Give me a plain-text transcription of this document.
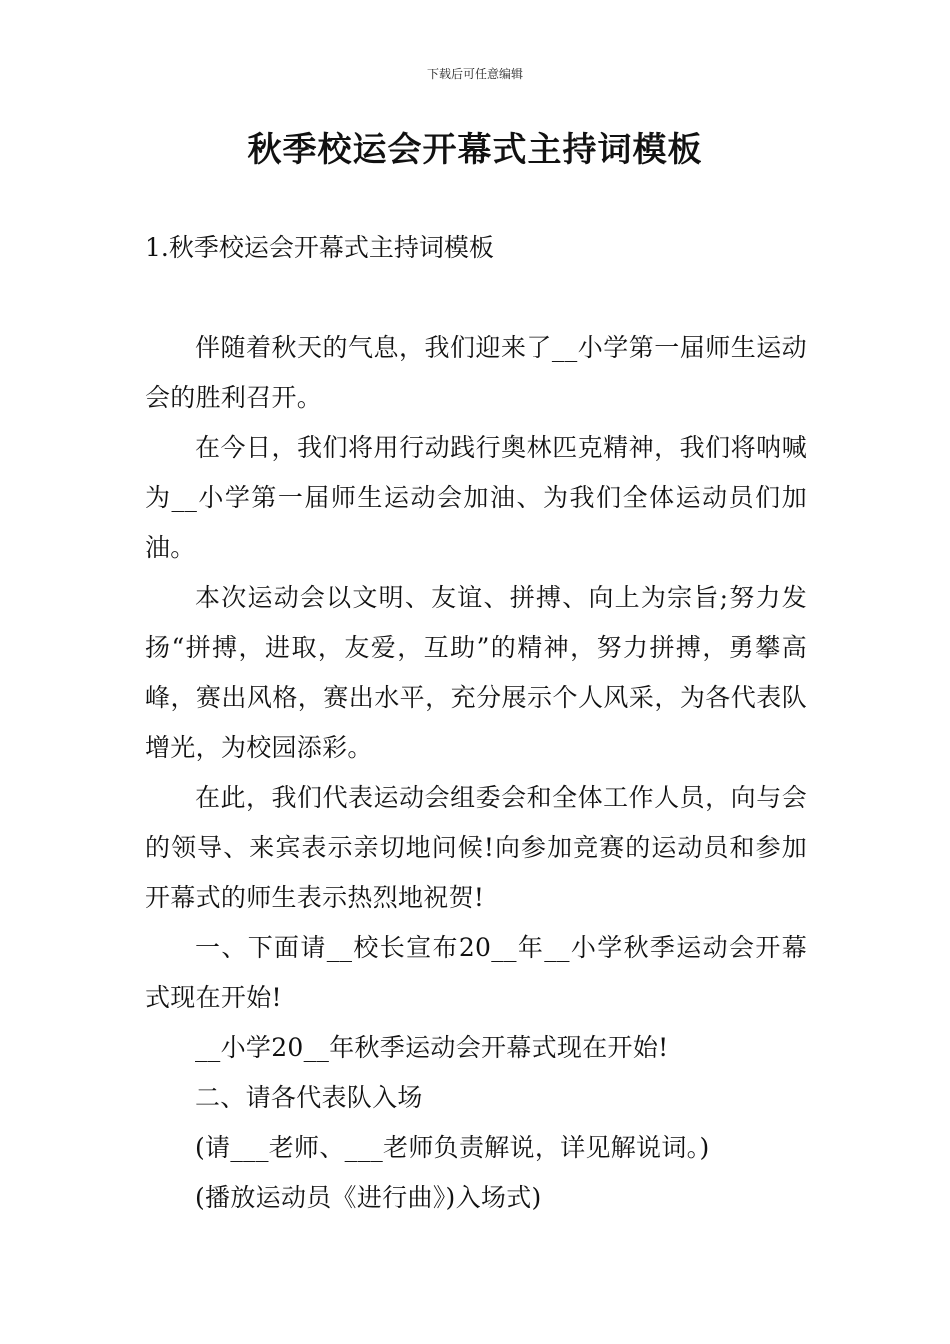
下载后可任意编辑
秋季校运会开幕式主持词模板
1.秋季校运会开幕式主持词模板

伴随着秋天的气息，我们迎来了__小学第一届师生运动会的胜利召开。

在今日，我们将用行动践行奥林匹克精神，我们将呐喊为__小学第一届师生运动会加油、为我们全体运动员们加油。

本次运动会以文明、友谊、拼搏、向上为宗旨;努力发扬“拼搏，进取，友爱，互助”的精神，努力拼搏，勇攀高峰，赛出风格，赛出水平，充分展示个人风采，为各代表队增光，为校园添彩。

在此，我们代表运动会组委会和全体工作人员，向与会的领导、来宾表示亲切地问候!向参加竞赛的运动员和参加开幕式的师生表示热烈地祝贺!

一、下面请__校长宣布20__年__小学秋季运动会开幕式现在开始!

__小学20__年秋季运动会开幕式现在开始!

二、请各代表队入场

(请___老师、___老师负责解说，详见解说词。)

(播放运动员《进行曲》)入场式)
